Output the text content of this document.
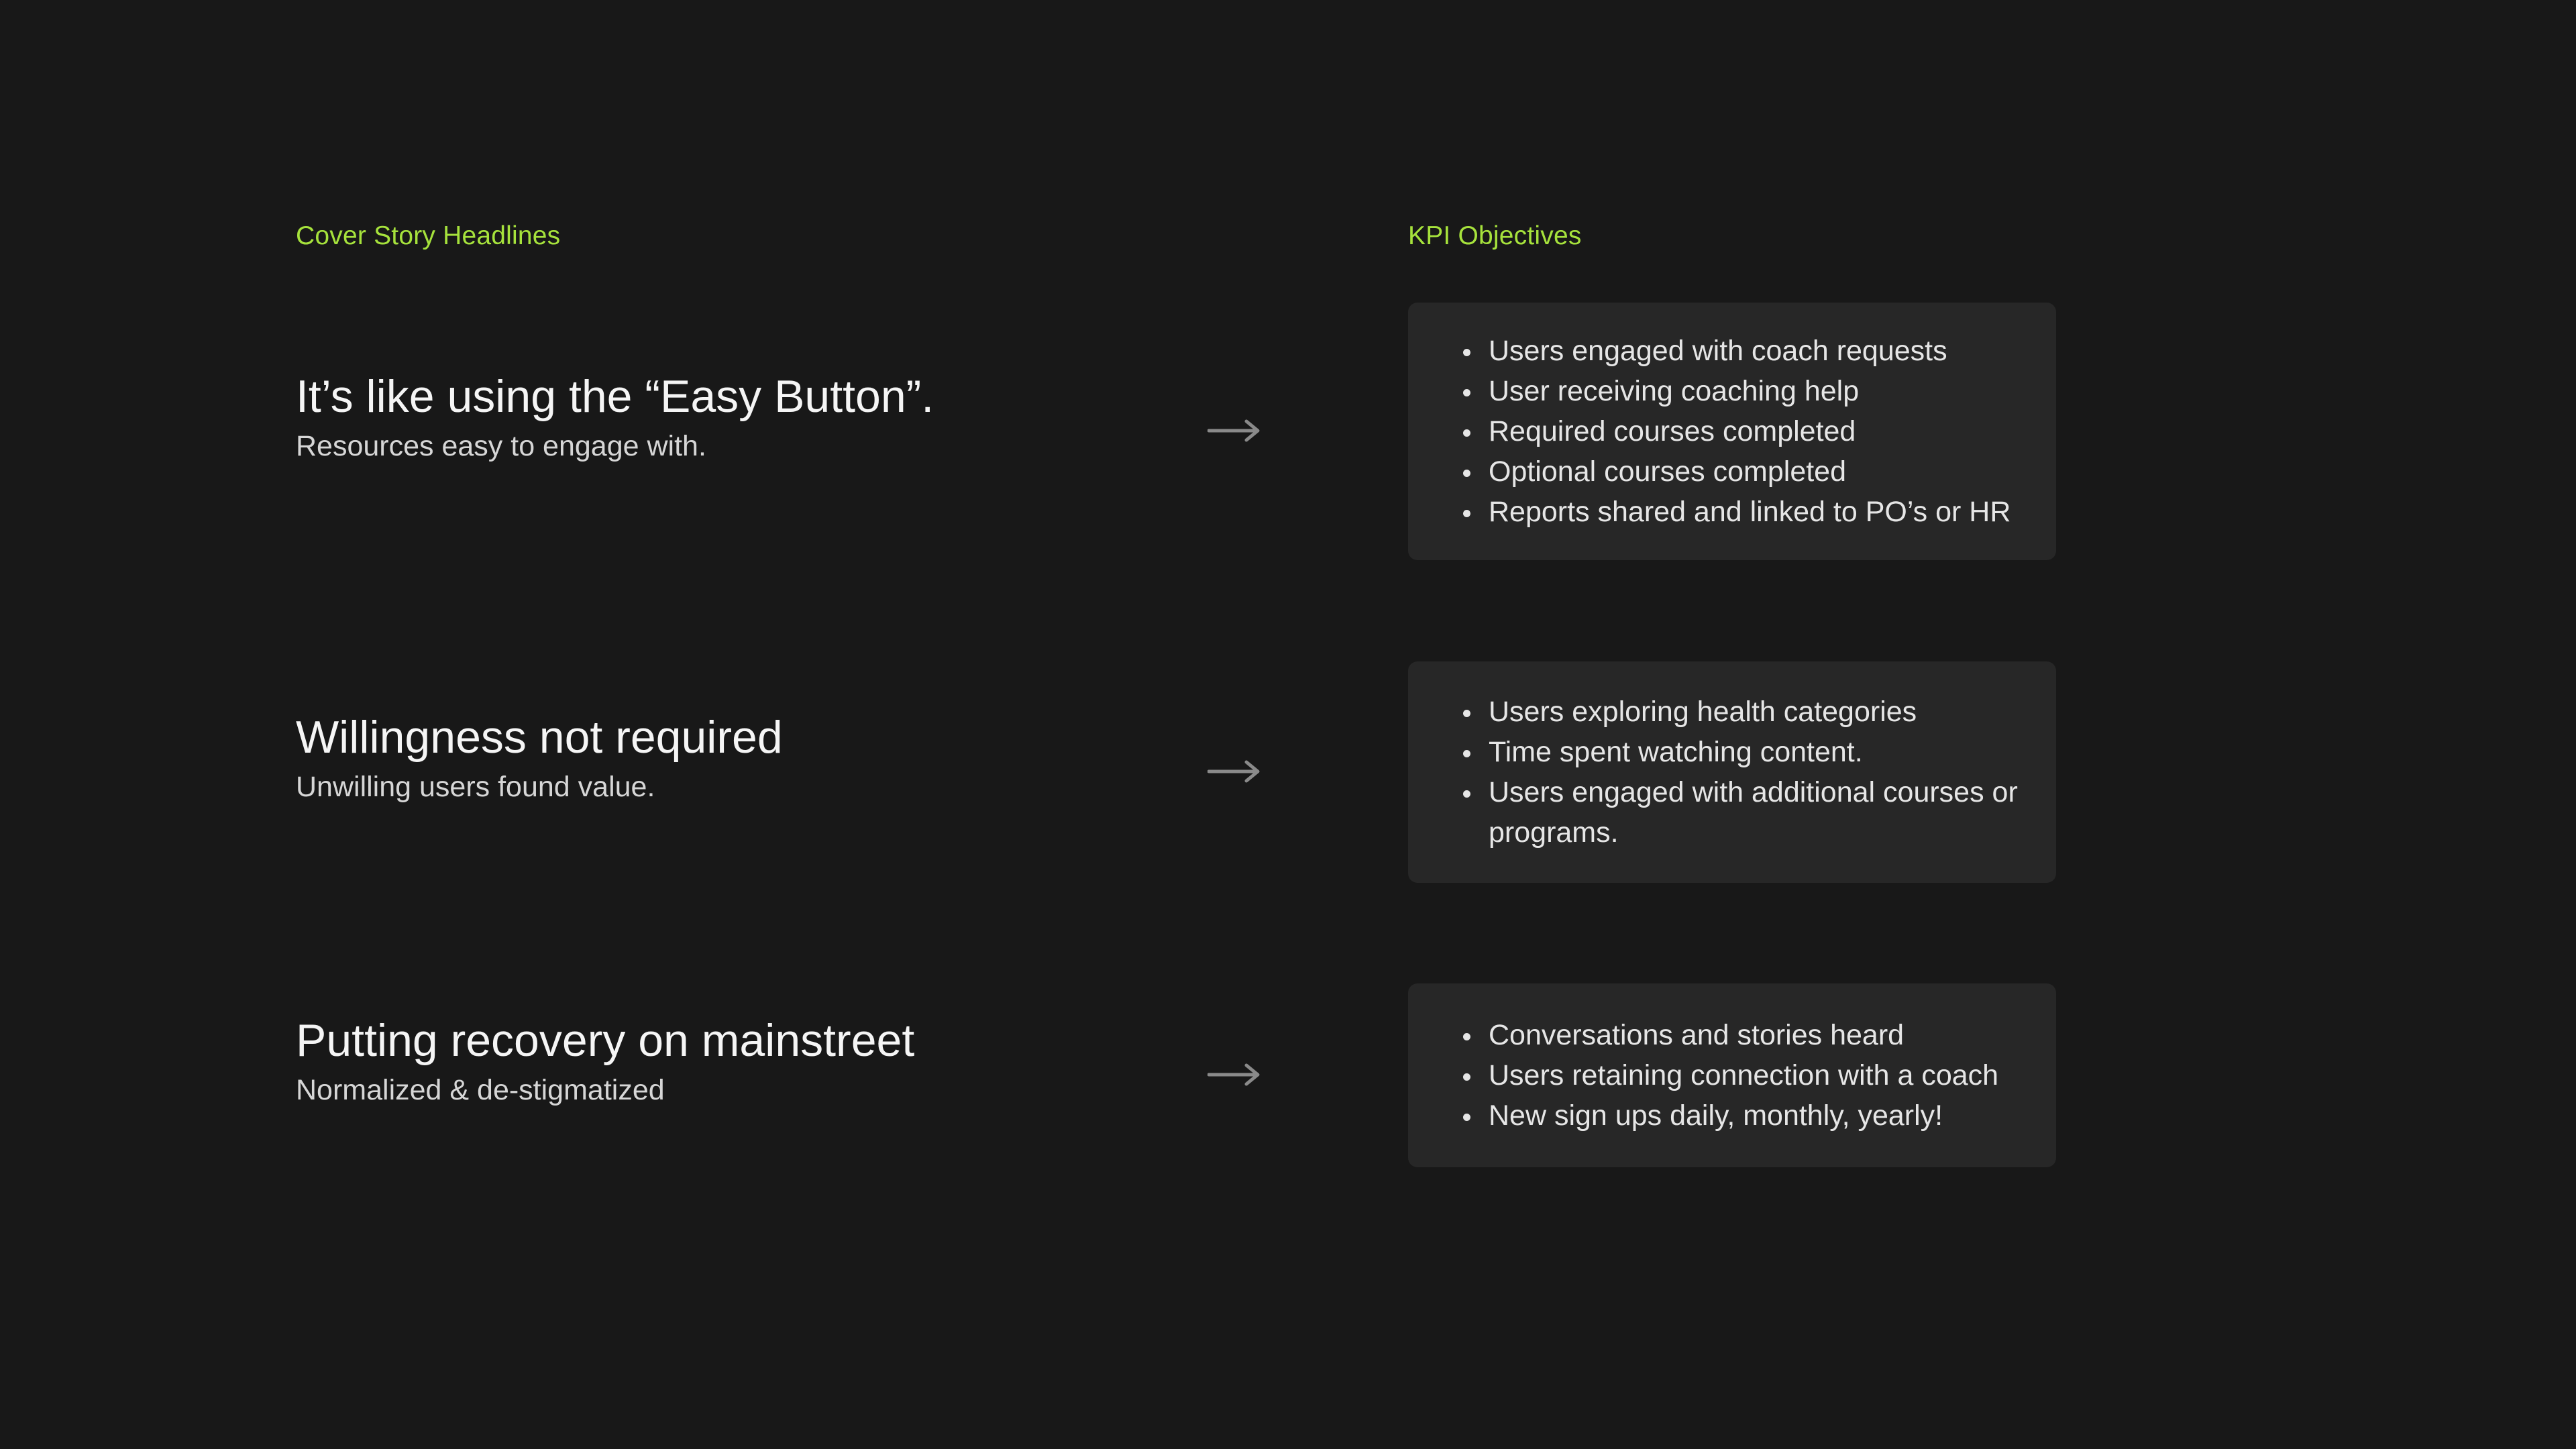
Cover Story Headlines	KPI Objectives
It’s like using the “Easy Button”.
Resources easy to engage with.
Users engaged with coach requests
User receiving coaching help
Required courses completed
Optional courses completed
Reports shared and linked to PO’s or HR
Willingness not required
Unwilling users found value.
Users exploring health categories
Time spent watching content.
Users engaged with additional courses or programs.
Putting recovery on mainstreet
Normalized & de-stigmatized
Conversations and stories heard
Users retaining connection with a coach
New sign ups daily, monthly, yearly!
